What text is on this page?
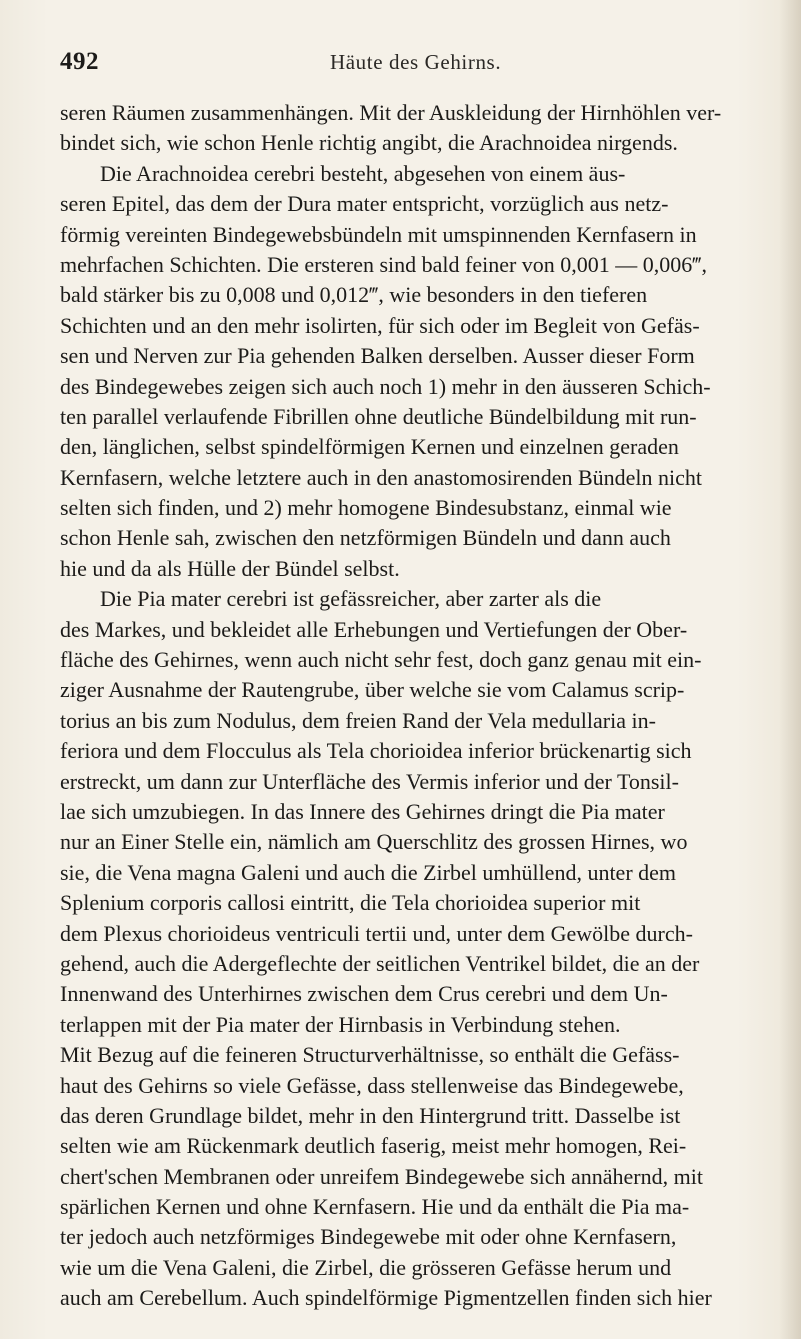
492	Häute des Gehirns.
seren Räumen zusammenhängen. Mit der Auskleidung der Hirnhöhlen ver-
bindet sich, wie schon Henle richtig angibt, die Arachnoidea nirgends.
Die Arachnoidea cerebri besteht, abgesehen von einem äus-
seren Epitel, das dem der Dura mater entspricht, vorzüglich aus netz-
förmig vereinten Bindegewebsbündeln mit umspinnenden Kernfasern in
mehrfachen Schichten. Die ersteren sind bald feiner von 0,001 — 0,006‴,
bald stärker bis zu 0,008 und 0,012‴, wie besonders in den tieferen
Schichten und an den mehr isolirten, für sich oder im Begleit von Gefäs-
sen und Nerven zur Pia gehenden Balken derselben. Ausser dieser Form
des Bindegewebes zeigen sich auch noch 1) mehr in den äusseren Schich-
ten parallel verlaufende Fibrillen ohne deutliche Bündelbildung mit run-
den, länglichen, selbst spindelförmigen Kernen und einzelnen geraden
Kernfasern, welche letztere auch in den anastomosirenden Bündeln nicht
selten sich finden, und 2) mehr homogene Bindesubstanz, einmal wie
schon Henle sah, zwischen den netzförmigen Bündeln und dann auch
hie und da als Hülle der Bündel selbst.
Die Pia mater cerebri ist gefässreicher, aber zarter als die
des Markes, und bekleidet alle Erhebungen und Vertiefungen der Ober-
fläche des Gehirnes, wenn auch nicht sehr fest, doch ganz genau mit ein-
ziger Ausnahme der Rautengrube, über welche sie vom Calamus scrip-
torius an bis zum Nodulus, dem freien Rand der Vela medullaria in-
feriora und dem Flocculus als Tela chorioidea inferior brückenartig sich
erstreckt, um dann zur Unterfläche des Vermis inferior und der Tonsil-
lae sich umzubiegen. In das Innere des Gehirnes dringt die Pia mater
nur an Einer Stelle ein, nämlich am Querschlitz des grossen Hirnes, wo
sie, die Vena magna Galeni und auch die Zirbel umhüllend, unter dem
Splenium corporis callosi eintritt, die Tela chorioidea superior mit
dem Plexus chorioideus ventriculi tertii und, unter dem Gewölbe durch-
gehend, auch die Adergeflechte der seitlichen Ventrikel bildet, die an der
Innenwand des Unterhirnes zwischen dem Crus cerebri und dem Un-
terlappen mit der Pia mater der Hirnbasis in Verbindung stehen.
Mit Bezug auf die feineren Structurverhältnisse, so enthält die Gefäss-
haut des Gehirns so viele Gefässe, dass stellenweise das Bindegewebe,
das deren Grundlage bildet, mehr in den Hintergrund tritt. Dasselbe ist
selten wie am Rückenmark deutlich faserig, meist mehr homogen, Rei-
chert'schen Membranen oder unreifem Bindegewebe sich annähernd, mit
spärlichen Kernen und ohne Kernfasern. Hie und da enthält die Pia ma-
ter jedoch auch netzförmiges Bindegewebe mit oder ohne Kernfasern,
wie um die Vena Galeni, die Zirbel, die grösseren Gefässe herum und
auch am Cerebellum. Auch spindelförmige Pigmentzellen finden sich hier
